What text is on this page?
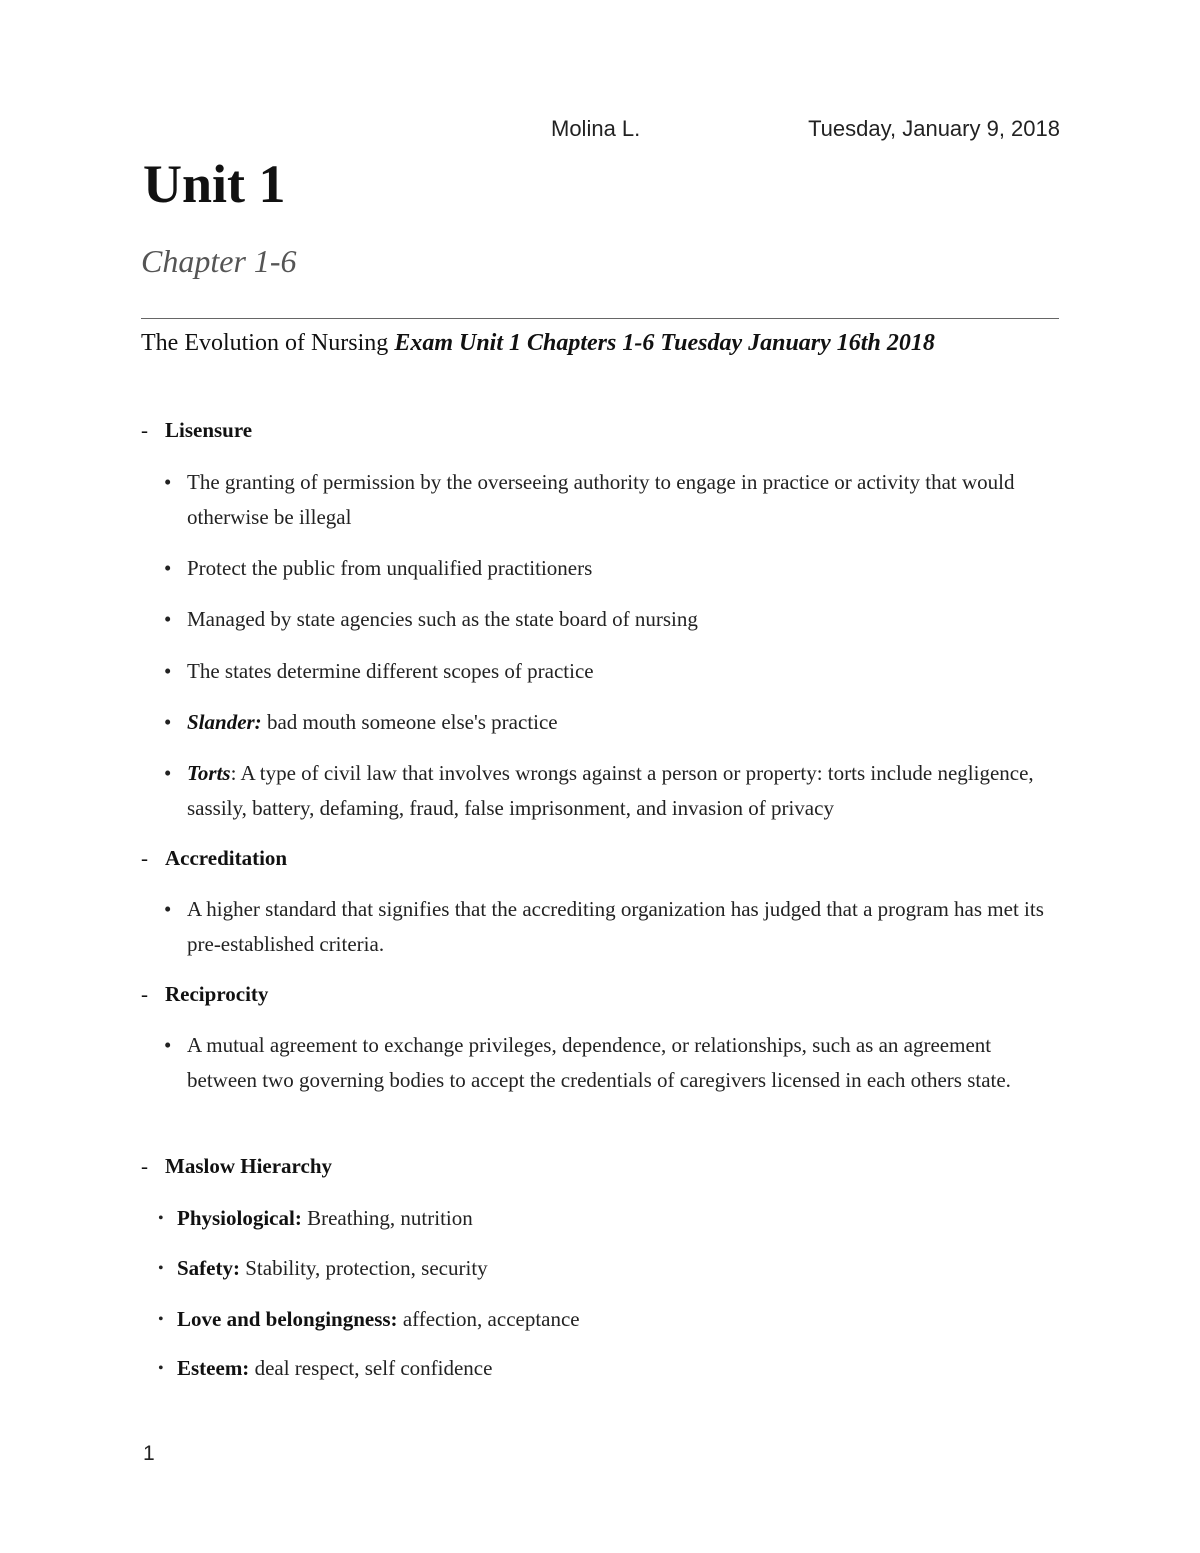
Molina L.	Tuesday, January 9, 2018
Unit 1
Chapter 1-6
The Evolution of Nursing Exam Unit 1 Chapters 1-6 Tuesday January 16th 2018
- Lisensure
• The granting of permission by the overseeing authority to engage in practice or activity that would otherwise be illegal
• Protect the public from unqualified practitioners
• Managed by state agencies such as the state board of nursing
• The states determine different scopes of practice
• Slander: bad mouth someone else's practice
• Torts: A type of civil law that involves wrongs against a person or property: torts include negligence, sassily, battery, defaming, fraud, false imprisonment, and invasion of privacy
- Accreditation
• A higher standard that signifies that the accrediting organization has judged that a program has met its pre-established criteria.
- Reciprocity
• A mutual agreement to exchange privileges, dependence, or relationships, such as an agreement between two governing bodies to accept the credentials of caregivers licensed in each others state.
- Maslow Hierarchy
• Physiological: Breathing, nutrition
• Safety: Stability, protection, security
• Love and belongingness: affection, acceptance
• Esteem: deal respect, self confidence
1
